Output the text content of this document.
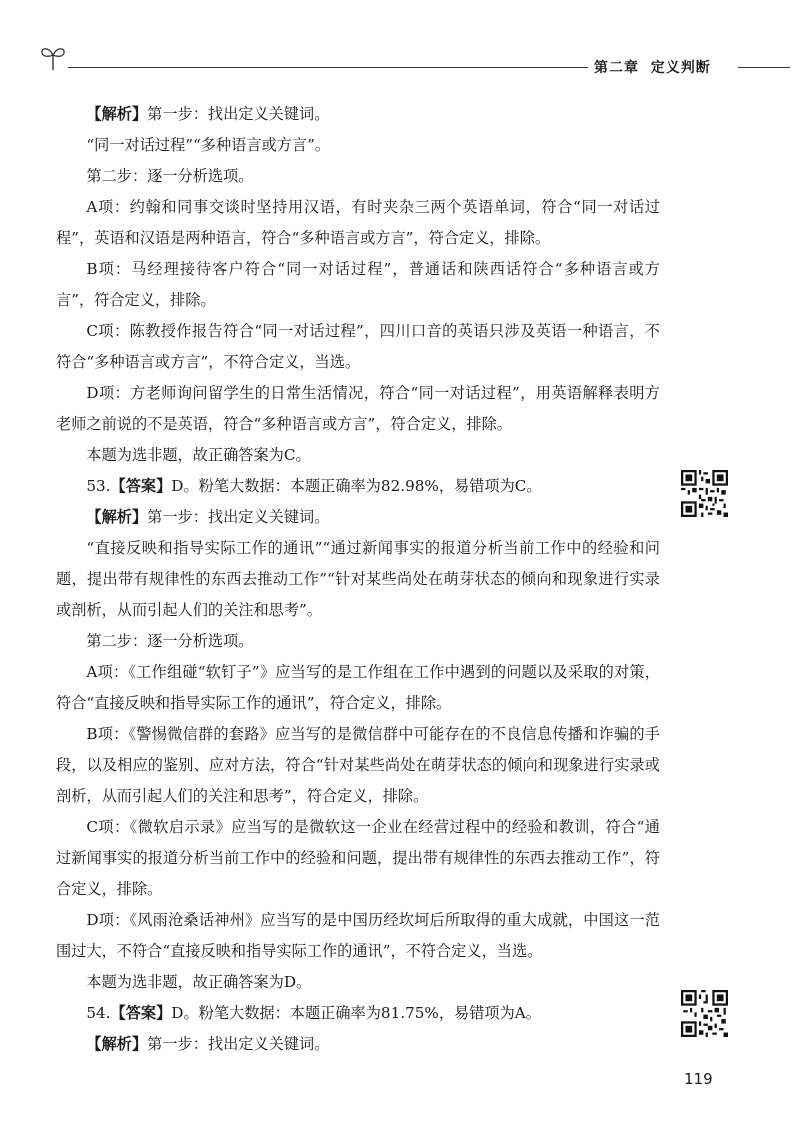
第二章 定义判断

【解析】第一步：找出定义关键词。

“同一对话过程”“多种语言或方言”。

第二步：逐一分析选项。

A项：约翰和同事交谈时坚持用汉语，有时夹杂三两个英语单词，符合“同一对话过程”，英语和汉语是两种语言，符合“多种语言或方言”，符合定义，排除。

B项：马经理接待客户符合“同一对话过程”，普通话和陕西话符合“多种语言或方言”，符合定义，排除。

C项：陈教授作报告符合“同一对话过程”，四川口音的英语只涉及英语一种语言，不符合“多种语言或方言”，不符合定义，当选。

D项：方老师询问留学生的日常生活情况，符合“同一对话过程”，用英语解释表明方老师之前说的不是英语，符合“多种语言或方言”，符合定义，排除。

本题为选非题，故正确答案为C。

53.【答案】D。粉笔大数据：本题正确率为82.98%，易错项为C。

【解析】第一步：找出定义关键词。

“直接反映和指导实际工作的通讯”“通过新闻事实的报道分析当前工作中的经验和问题，提出带有规律性的东西去推动工作”“针对某些尚处在萌芽状态的倾向和现象进行实录或剖析，从而引起人们的关注和思考”。

第二步：逐一分析选项。

A项：《工作组碰“软钉子”》应当写的是工作组在工作中遇到的问题以及采取的对策，符合“直接反映和指导实际工作的通讯”，符合定义，排除。

B项：《警惕微信群的套路》应当写的是微信群中可能存在的不良信息传播和诈骗的手段，以及相应的鉴别、应对方法，符合“针对某些尚处在萌芽状态的倾向和现象进行实录或剖析，从而引起人们的关注和思考”，符合定义，排除。

C项：《微软启示录》应当写的是微软这一企业在经营过程中的经验和教训，符合“通过新闻事实的报道分析当前工作中的经验和问题，提出带有规律性的东西去推动工作”，符合定义，排除。

D项：《风雨沧桑话神州》应当写的是中国历经坎坷后所取得的重大成就，中国这一范围过大，不符合“直接反映和指导实际工作的通讯”，不符合定义，当选。

本题为选非题，故正确答案为D。

54.【答案】D。粉笔大数据：本题正确率为81.75%，易错项为A。

【解析】第一步：找出定义关键词。

119
